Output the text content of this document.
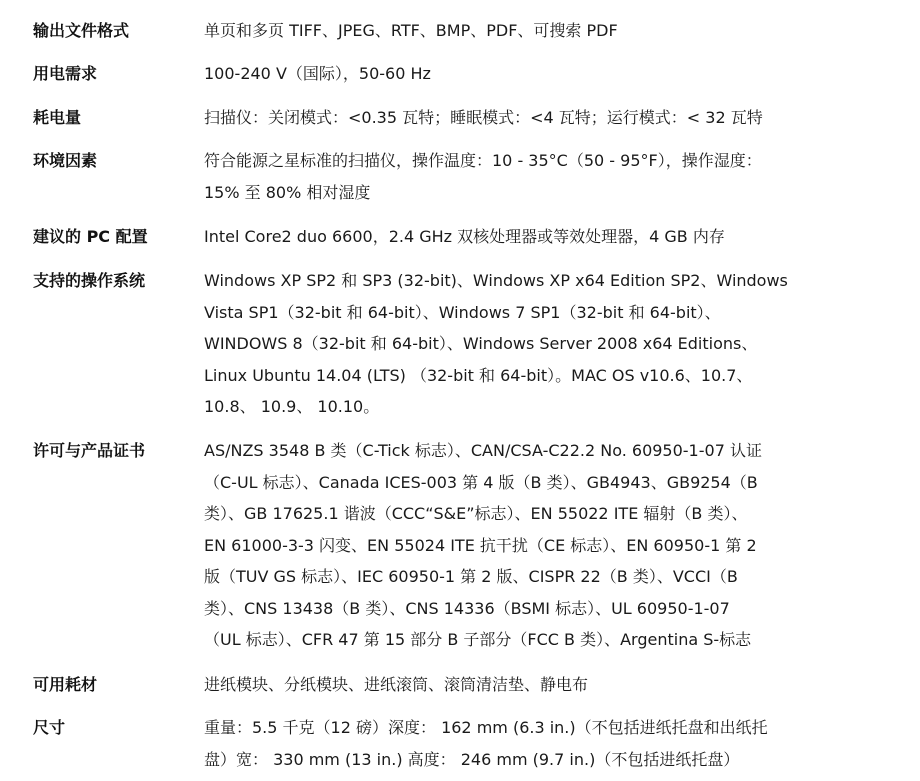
输出文件格式	单页和多页 TIFF、JPEG、RTF、BMP、PDF、可搜索 PDF
用电需求	100-240 V（国际），50-60 Hz
耗电量	扫描仪：关闭模式：<0.35 瓦特；睡眠模式：<4 瓦特；运行模式：< 32 瓦特
环境因素	符合能源之星标准的扫描仪，操作温度：10 - 35°C（50 - 95°F），操作湿度：
15% 至 80% 相对湿度
建议的 PC 配置	Intel Core2 duo 6600，2.4 GHz 双核处理器或等效处理器，4 GB 内存
支持的操作系统	Windows XP SP2 和 SP3 (32-bit)、Windows XP x64 Edition SP2、Windows
Vista SP1（32-bit 和 64-bit）、Windows 7 SP1（32-bit 和 64-bit）、
WINDOWS 8（32-bit 和 64-bit）、Windows Server 2008 x64 Editions、
Linux Ubuntu 14.04 (LTS) （32-bit 和 64-bit）。MAC OS v10.6、10.7、
10.8、 10.9、 10.10。
许可与产品证书	AS/NZS 3548 B 类（C-Tick 标志）、CAN/CSA-C22.2 No. 60950-1-07 认证
（C-UL 标志）、Canada ICES-003 第 4 版（B 类）、GB4943、GB9254（B
类）、GB 17625.1 谐波（CCC“S&E”标志）、EN 55022 ITE 辐射（B 类）、
EN 61000-3-3 闪变、EN 55024 ITE 抗干扰（CE 标志）、EN 60950-1 第 2
版（TUV GS 标志）、IEC 60950-1 第 2 版、CISPR 22（B 类）、VCCI（B
类）、CNS 13438（B 类）、CNS 14336（BSMI 标志）、UL 60950-1-07
（UL 标志）、CFR 47 第 15 部分 B 子部分（FCC B 类）、Argentina S-标志
可用耗材	进纸模块、分纸模块、进纸滚筒、滚筒清洁垫、静电布
尺寸	重量：5.5 千克（12 磅）深度： 162 mm (6.3 in.)（不包括进纸托盘和出纸托
盘）宽： 330 mm (13 in.) 高度： 246 mm (9.7 in.)（不包括进纸托盘）
